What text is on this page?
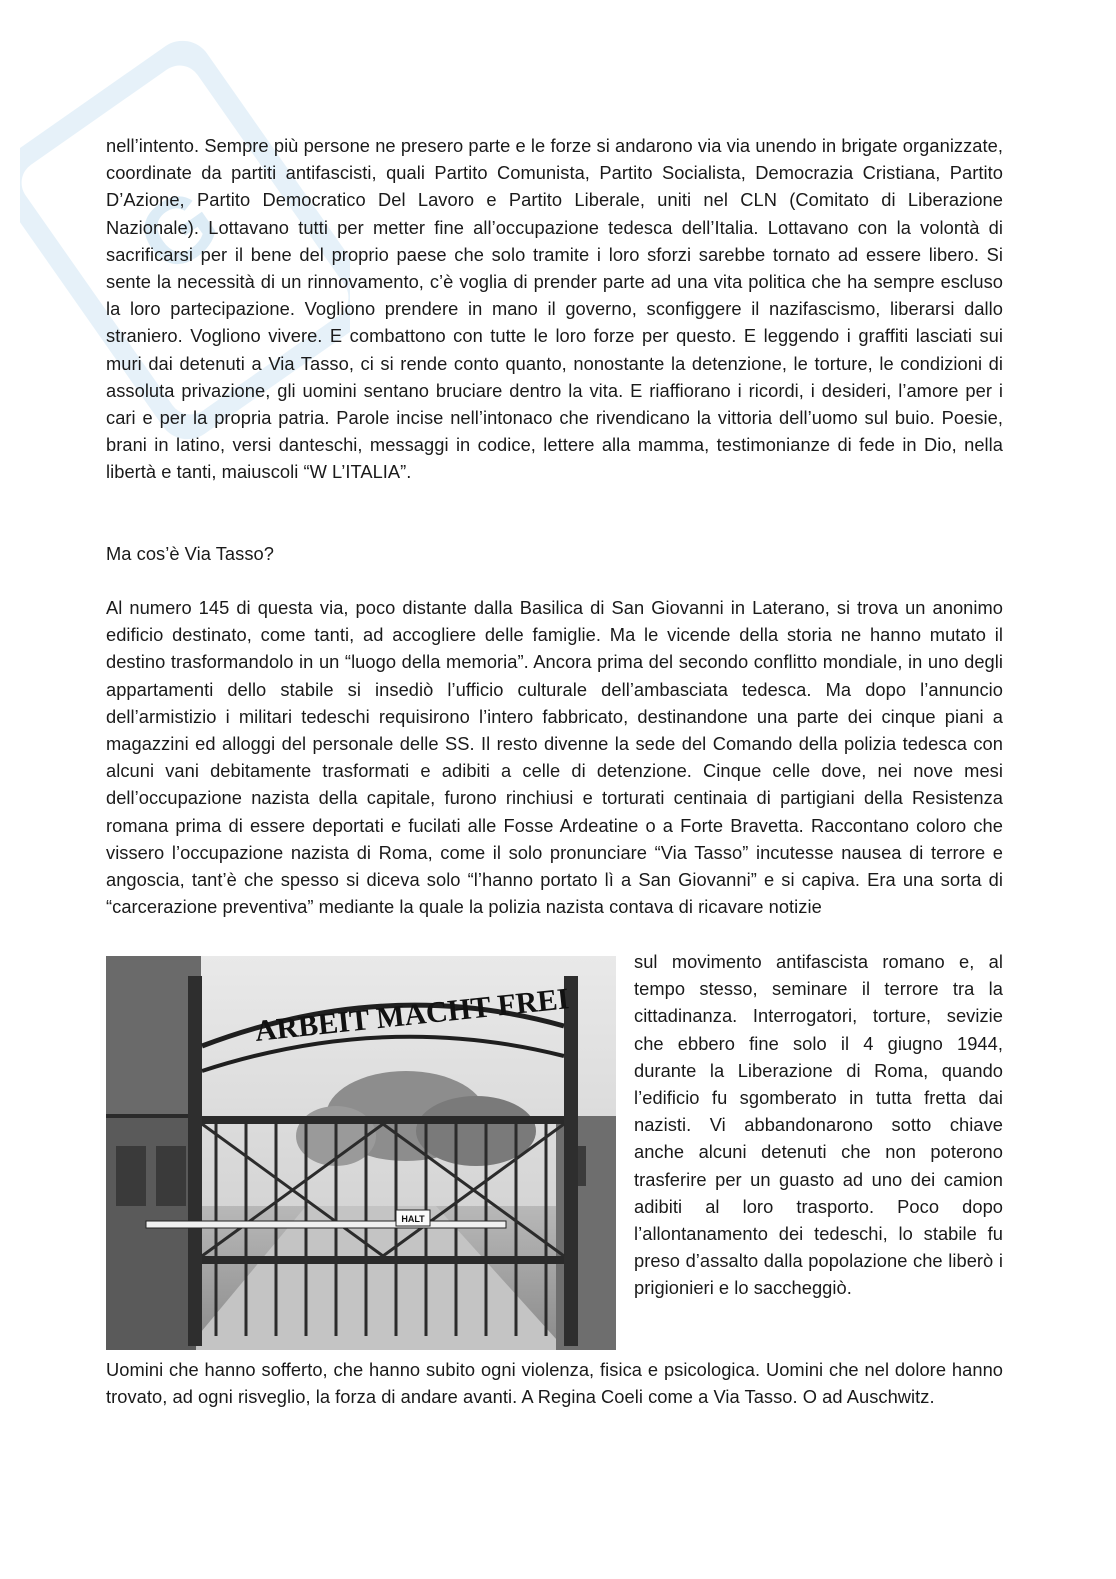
G

nell’intento. Sempre più persone ne presero parte e le forze si andarono via via unendo in brigate organizzate, coordinate da partiti antifascisti, quali Partito Comunista, Partito Socialista, Democrazia Cristiana, Partito D’Azione, Partito Democratico Del Lavoro e Partito Liberale, uniti nel CLN (Comitato di Liberazione Nazionale). Lottavano tutti per metter fine all’occupazione tedesca dell’Italia. Lottavano con la volontà di sacrificarsi per il bene del proprio paese che solo tramite i loro sforzi sarebbe tornato ad essere libero. Si sente la necessità di un rinnovamento, c’è voglia di prender parte ad una vita politica che ha sempre escluso la loro partecipazione. Vogliono prendere in mano il governo, sconfiggere il nazifascismo, liberarsi dallo straniero. Vogliono vivere. E combattono con tutte le loro forze per questo. E leggendo i graffiti lasciati sui muri dai detenuti a Via Tasso, ci si rende conto quanto, nonostante la detenzione, le torture, le condizioni di assoluta privazione, gli uomini sentano bruciare dentro la vita. E riaffiorano i ricordi, i desideri, l’amore per i cari e per la propria patria. Parole incise nell’intonaco che rivendicano la vittoria dell’uomo sul buio. Poesie, brani in latino, versi danteschi, messaggi in codice, lettere alla mamma, testimonianze di fede in Dio, nella libertà e tanti, maiuscoli “W L’ITALIA”.

Ma cos’è Via Tasso?

Al numero 145 di questa via, poco distante dalla Basilica di San Giovanni in Laterano, si trova un anonimo edificio destinato, come tanti, ad accogliere delle famiglie. Ma le vicende della storia ne hanno mutato il destino trasformandolo in un “luogo della memoria”. Ancora prima del secondo conflitto mondiale, in uno degli appartamenti dello stabile si insediò l’ufficio culturale dell’ambasciata tedesca. Ma dopo l’annuncio dell’armistizio i militari tedeschi requisirono l’intero fabbricato, destinandone una parte dei cinque piani a magazzini ed alloggi del personale delle SS. Il resto divenne la sede del Comando della polizia tedesca con alcuni vani debitamente trasformati e adibiti a celle di detenzione. Cinque celle dove, nei nove mesi dell’occupazione nazista della capitale, furono rinchiusi e torturati centinaia di partigiani della Resistenza romana prima di essere deportati e fucilati alle Fosse Ardeatine o a Forte Bravetta. Raccontano coloro che vissero l’occupazione nazista di Roma, come il solo pronunciare “Via Tasso” incutesse nausea di terrore e angoscia, tant’è che spesso si diceva solo “l’hanno portato lì a San Giovanni” e si capiva. Era una sorta di “carcerazione preventiva” mediante la quale la polizia nazista contava di ricavare notizie

ARBEIT MACHT FREI
HALT

sul movimento antifascista romano e, al tempo stesso, seminare il terrore tra la cittadinanza. Interrogatori, torture, sevizie che ebbero fine solo il 4 giugno 1944, durante la Liberazione di Roma, quando l’edificio fu sgomberato in tutta fretta dai nazisti. Vi abbandonarono sotto chiave anche alcuni detenuti che non poterono trasferire per un guasto ad uno dei camion adibiti al loro trasporto. Poco dopo l’allontanamento dei tedeschi, lo stabile fu preso d’assalto dalla popolazione che liberò i prigionieri e lo saccheggiò.

Uomini che hanno sofferto, che hanno subito ogni violenza, fisica e psicologica. Uomini che nel dolore hanno trovato, ad ogni risveglio, la forza di andare avanti. A Regina Coeli come a Via Tasso. O ad Auschwitz.
